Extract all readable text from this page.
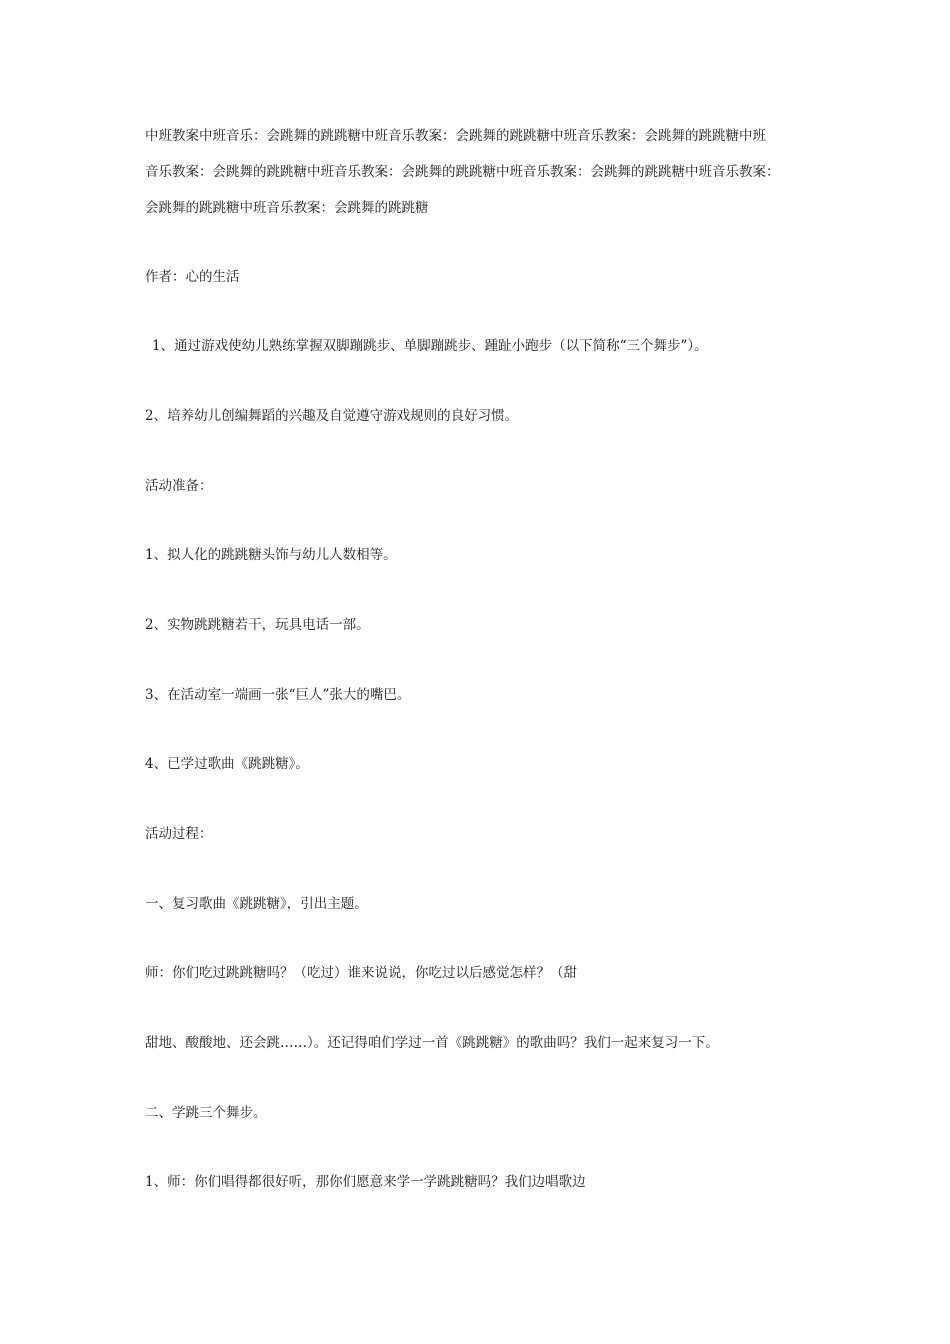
中班教案中班音乐：会跳舞的跳跳糖中班音乐教案：会跳舞的跳跳糖中班音乐教案：会跳舞的跳跳糖中班
音乐教案：会跳舞的跳跳糖中班音乐教案：会跳舞的跳跳糖中班音乐教案：会跳舞的跳跳糖中班音乐教案：
会跳舞的跳跳糖中班音乐教案：会跳舞的跳跳糖
作者：心的生活
1、通过游戏使幼儿熟练掌握双脚蹦跳步、单脚蹦跳步、踵趾小跑步（以下简称“三个舞步”）。
2、培养幼儿创编舞蹈的兴趣及自觉遵守游戏规则的良好习惯。
活动准备：
1、拟人化的跳跳糖头饰与幼儿人数相等。
2、实物跳跳糖若干，玩具电话一部。
3、在活动室一端画一张“巨人”张大的嘴巴。
4、已学过歌曲《跳跳糖》。
活动过程：
一、复习歌曲《跳跳糖》，引出主题。
师：你们吃过跳跳糖吗？（吃过）谁来说说，你吃过以后感觉怎样？（甜
甜地、酸酸地、还会跳……）。还记得咱们学过一首《跳跳糖》的歌曲吗？我们一起来复习一下。
二、学跳三个舞步。
1、师：你们唱得都很好听，那你们愿意来学一学跳跳糖吗？我们边唱歌边
